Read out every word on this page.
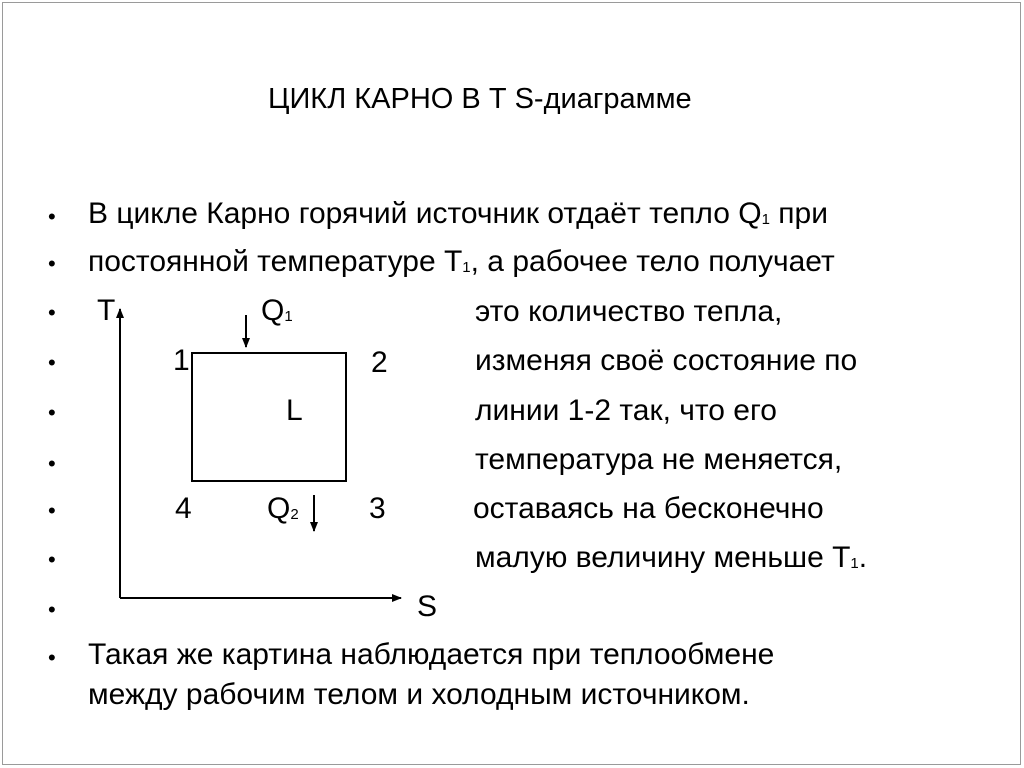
ЦИКЛ КАРНО В Т S-диаграмме
•
•
•
•
•
•
•
•
•
•
В цикле Карно горячий источник отдаёт тепло Q1 при
постоянной температуре Т1, а рабочее тело получает
это количество тепла,
изменяя своё состояние по
линии 1-2 так, что его
температура не меняется,
оставаясь на бесконечно
малую величину меньше Т1.
T	Q1
1	2
L
4	Q2 3
S
Такая же картина наблюдается при теплообмене
между рабочим телом и холодным источником.
